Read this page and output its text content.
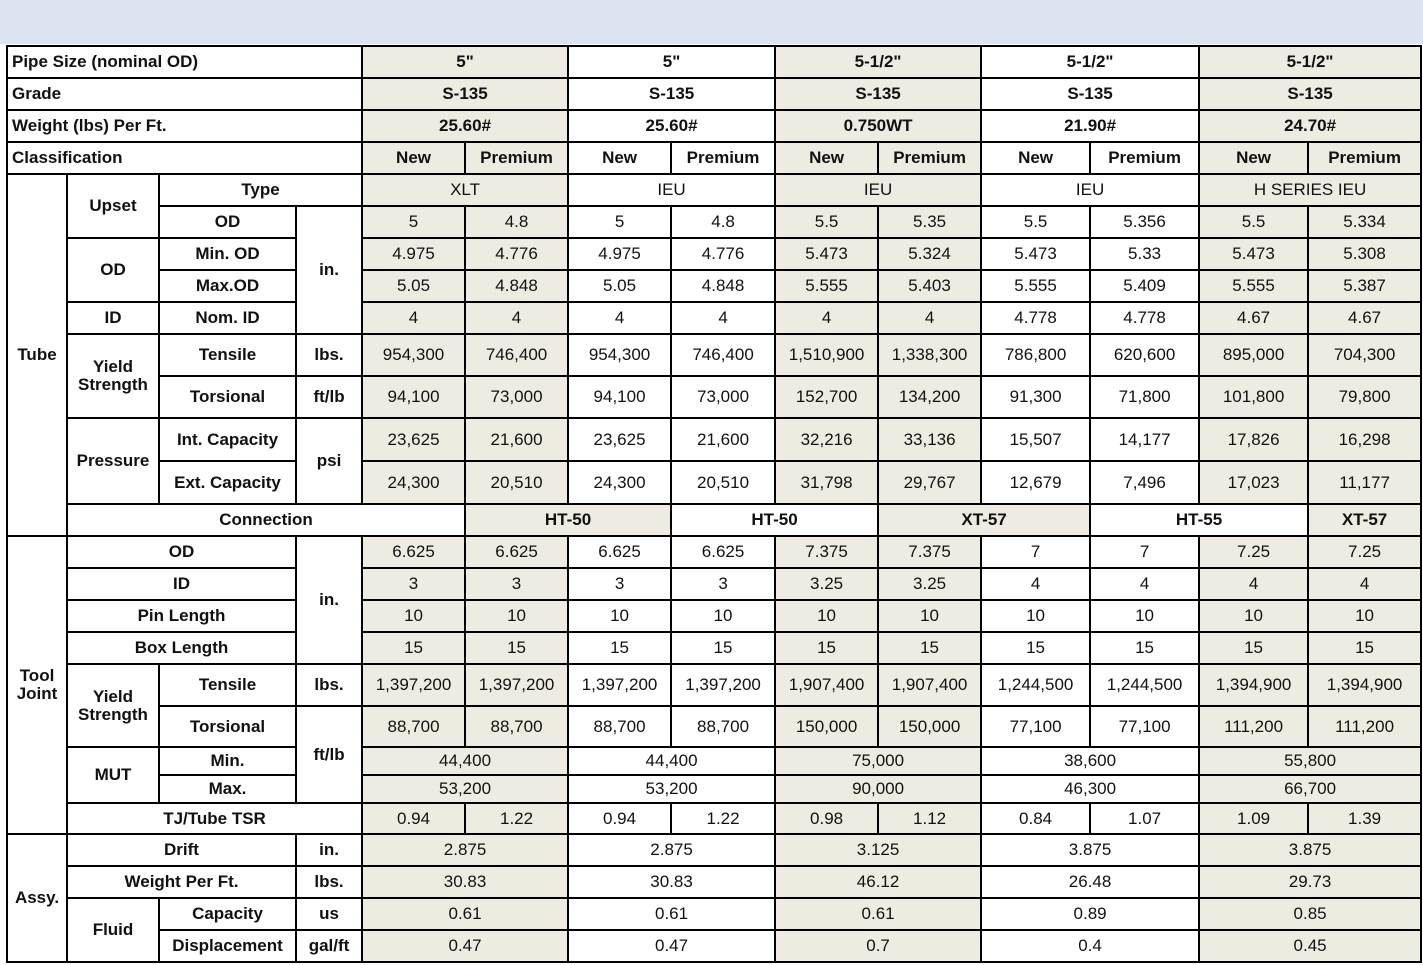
Pipe Size (nominal OD)				5"		5"		5-1/2"		5-1/2"		5-1/2"	
Grade				S-135		S-135		S-135		S-135		S-135	
Weight (lbs) Per Ft.				25.60#		25.60#		0.750WT		21.90#		24.70#	
Classification				New	Premium	New	Premium	New	Premium	New	Premium	New	Premium
Tube	Upset	Type		XLT		IEU		IEU		IEU		H SERIES IEU	
		OD	in.	5	4.8	5	4.8	5.5	5.35	5.5	5.356	5.5	5.334
	OD	Min. OD		4.975	4.776	4.975	4.776	5.473	5.324	5.473	5.33	5.473	5.308
		Max.OD		5.05	4.848	5.05	4.848	5.555	5.403	5.555	5.409	5.555	5.387
	ID	Nom. ID		4	4	4	4	4	4	4.778	4.778	4.67	4.67
	Yield Strength	Tensile	lbs.	954,300	746,400	954,300	746,400	1,510,900	1,338,300	786,800	620,600	895,000	704,300
		Torsional	ft/lb	94,100	73,000	94,100	73,000	152,700	134,200	91,300	71,800	101,800	79,800
	Pressure	Int. Capacity	psi	23,625	21,600	23,625	21,600	32,216	33,136	15,507	14,177	17,826	16,298
		Ext. Capacity		24,300	20,510	24,300	20,510	31,798	29,767	12,679	7,496	17,023	11,177
	Connection				HT-50		HT-50		XT-57		HT-55		XT-57
Tool Joint	OD		in.	6.625	6.625	6.625	6.625	7.375	7.375	7	7	7.25	7.25
	ID			3	3	3	3	3.25	3.25	4	4	4	4
	Pin Length			10	10	10	10	10	10	10	10	10	10
	Box Length			15	15	15	15	15	15	15	15	15	15
	Yield Strength	Tensile	lbs.	1,397,200	1,397,200	1,397,200	1,397,200	1,907,400	1,907,400	1,244,500	1,244,500	1,394,900	1,394,900
		Torsional	ft/lb	88,700	88,700	88,700	88,700	150,000	150,000	77,100	77,100	111,200	111,200
	MUT	Min.		44,400		44,400		75,000		38,600		55,800	
		Max.		53,200		53,200		90,000		46,300		66,700	
	TJ/Tube TSR			0.94	1.22	0.94	1.22	0.98	1.12	0.84	1.07	1.09	1.39
Assy.	Drift		in.	2.875		2.875		3.125		3.875		3.875	
	Weight Per Ft.		lbs.	30.83		30.83		46.12		26.48		29.73	
	Fluid	Capacity	us	0.61		0.61		0.61		0.89		0.85	
		Displacement	gal/ft	0.47		0.47		0.7		0.4		0.45	
